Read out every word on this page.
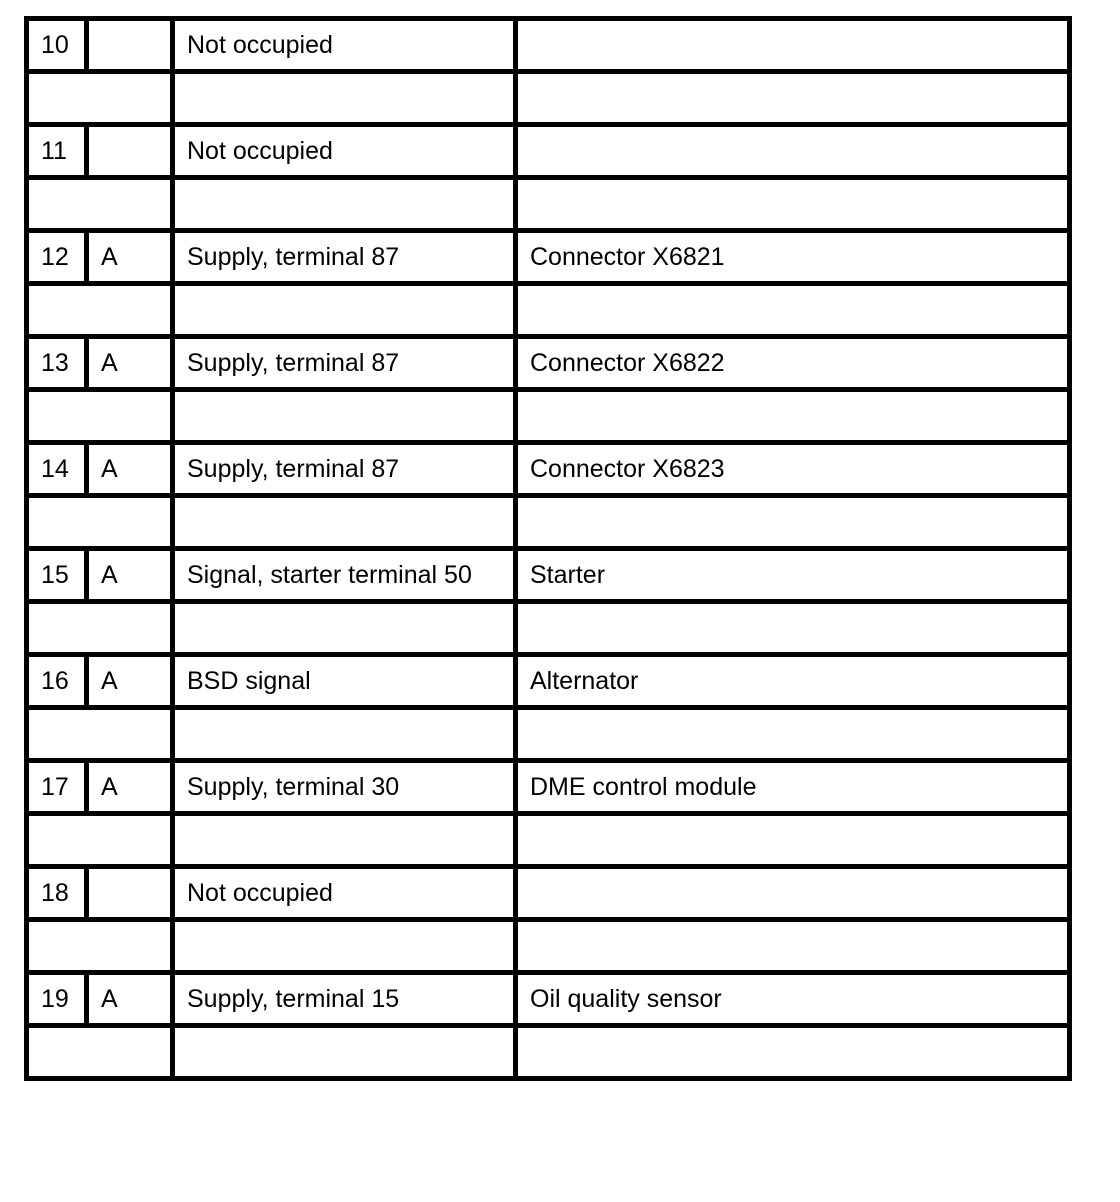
10		Not occupied	

11		Not occupied	

12	A	Supply, terminal 87	Connector X6821

13	A	Supply, terminal 87	Connector X6822

14	A	Supply, terminal 87	Connector X6823

15	A	Signal, starter terminal 50	Starter

16	A	BSD signal	Alternator

17	A	Supply, terminal 30	DME control module

18		Not occupied	

19	A	Supply, terminal 15	Oil quality sensor
